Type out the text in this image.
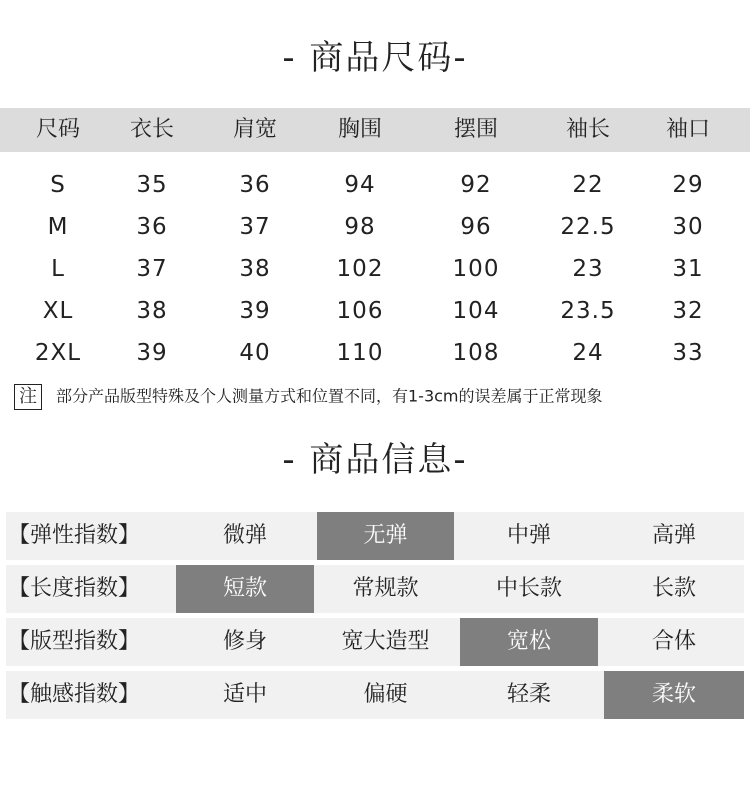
- 商品尺码-
尺码	衣长	肩宽	胸围	摆围	袖长	袖口
S	35	36	94	92	22	29
M	36	37	98	96	22.5	30
L	37	38	102	100	23	31
XL	38	39	106	104	23.5	32
2XL	39	40	110	108	24	33
注 部分产品版型特殊及个人测量方式和位置不同，有1-3cm的误差属于正常现象
- 商品信息-
【弹性指数】	微弹	无弹	中弹	高弹
【长度指数】	短款	常规款	中长款	长款
【版型指数】	修身	宽大造型	宽松	合体
【触感指数】	适中	偏硬	轻柔	柔软
